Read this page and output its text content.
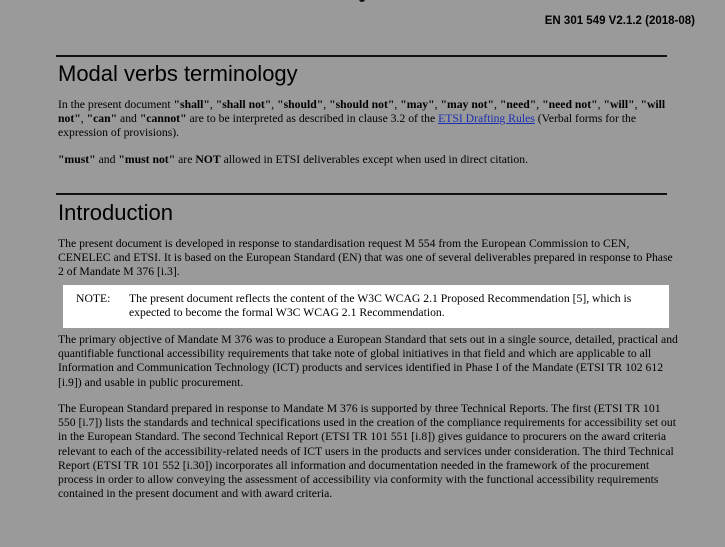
EN 301 549 V2.1.2 (2018-08)
Modal verbs terminology

In the present document "shall", "shall not", "should", "should not", "may", "may not", "need", "need not", "will", "will not", "can" and "cannot" are to be interpreted as described in clause 3.2 of the ETSI Drafting Rules (Verbal forms for the expression of provisions).

"must" and "must not" are NOT allowed in ETSI deliverables except when used in direct citation.

Introduction

The present document is developed in response to standardisation request M 554 from the European Commission to CEN, CENELEC and ETSI. It is based on the European Standard (EN) that was one of several deliverables prepared in response to Phase 2 of Mandate M 376 [i.3].

NOTE: The present document reflects the content of the W3C WCAG 2.1 Proposed Recommendation [5], which is expected to become the formal W3C WCAG 2.1 Recommendation.

The primary objective of Mandate M 376 was to produce a European Standard that sets out in a single source, detailed, practical and quantifiable functional accessibility requirements that take note of global initiatives in that field and which are applicable to all Information and Communication Technology (ICT) products and services identified in Phase I of the Mandate (ETSI TR 102 612 [i.9]) and usable in public procurement.

The European Standard prepared in response to Mandate M 376 is supported by three Technical Reports. The first (ETSI TR 101 550 [i.7]) lists the standards and technical specifications used in the creation of the compliance requirements for accessibility set out in the European Standard. The second Technical Report (ETSI TR 101 551 [i.8]) gives guidance to procurers on the award criteria relevant to each of the accessibility-related needs of ICT users in the products and services under consideration. The third Technical Report (ETSI TR 101 552 [i.30]) incorporates all information and documentation needed in the framework of the procurement process in order to allow conveying the assessment of accessibility via conformity with the functional accessibility requirements contained in the present document and with award criteria.
